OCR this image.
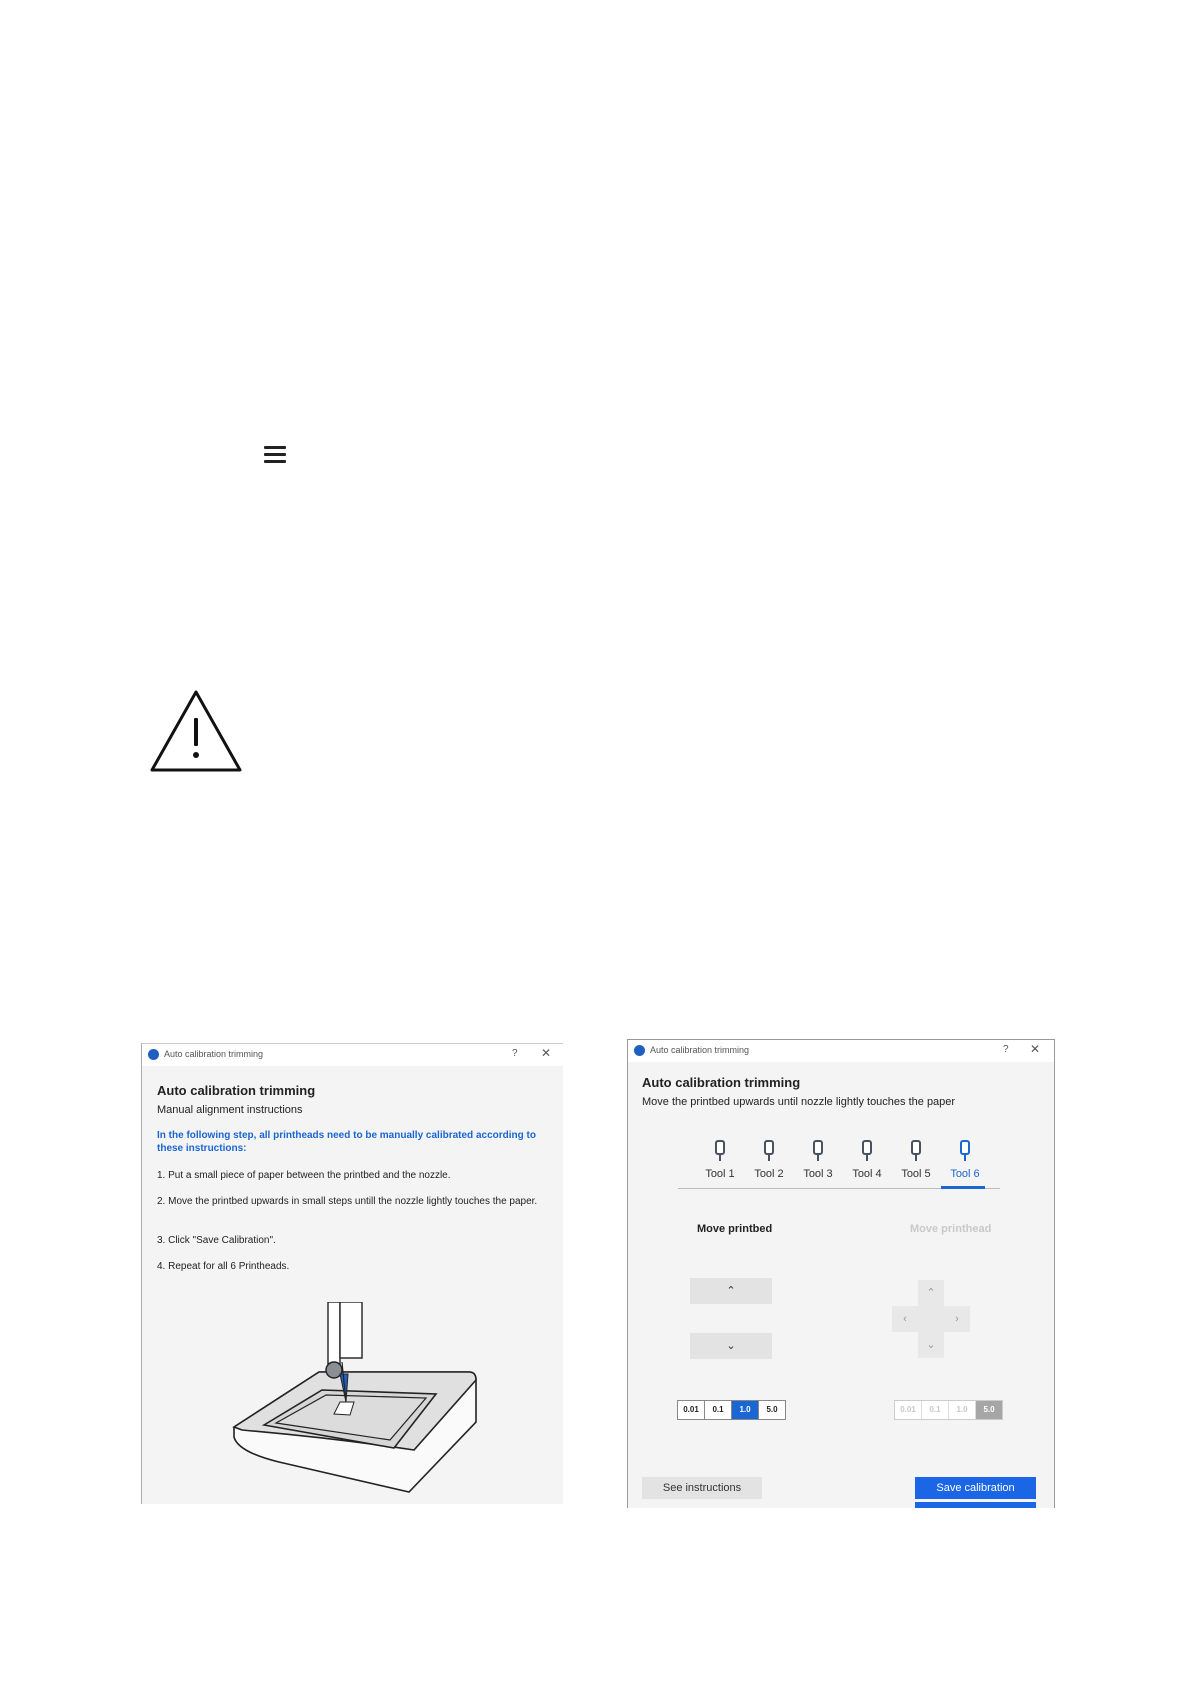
Auto calibration trimming	? ✕
Auto calibration trimming
Manual alignment instructions
In the following step, all printheads need to be manually calibrated according to these instructions:
1. Put a small piece of paper between the printbed and the nozzle.
2. Move the printbed upwards in small steps untill the nozzle lightly touches the paper.
3. Click "Save Calibration".
4. Repeat for all 6 Printheads.
Auto calibration trimming	? ✕
Auto calibration trimming
Move the printbed upwards until nozzle lightly touches the paper
Tool 1	Tool 2	Tool 3	Tool 4	Tool 5	Tool 6
Move printbed	Move printhead
⌃
⌄
⌃
‹	›
⌄
0.01	0.1	1.0	5.0	0.01	0.1	1.0	5.0
See instructions	Save calibration
